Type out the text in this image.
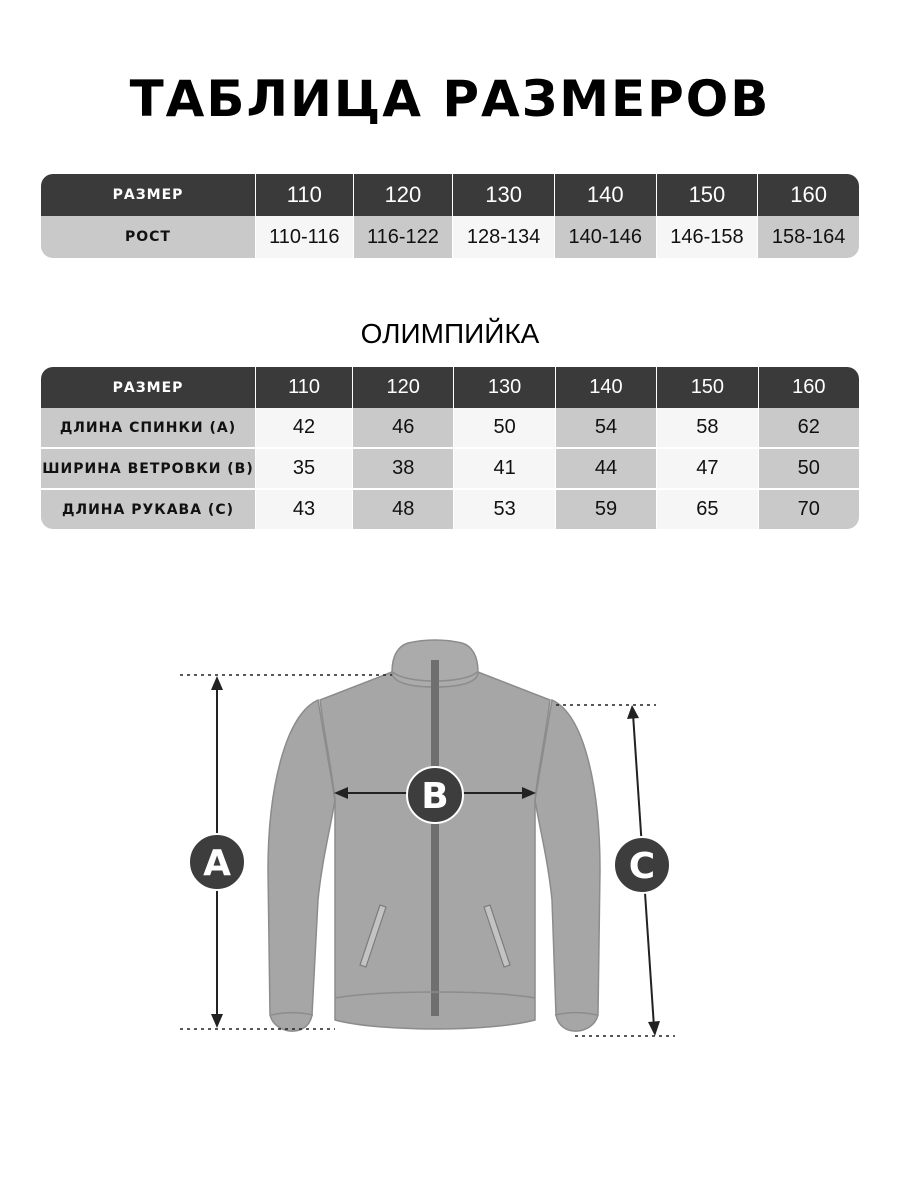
ТАБЛИЦА РАЗМЕРОВ
РАЗМЕР	110	120	130	140	150	160
РОСТ	110-116	116-122	128-134	140-146	146-158	158-164
ОЛИМПИЙКА
РАЗМЕР	110	120	130	140	150	160
ДЛИНА СПИНКИ (А)	42	46	50	54	58	62
ШИРИНА ВЕТРОВКИ (В)	35	38	41	44	47	50
ДЛИНА РУКАВА (С)	43	48	53	59	65	70
A
B
C
